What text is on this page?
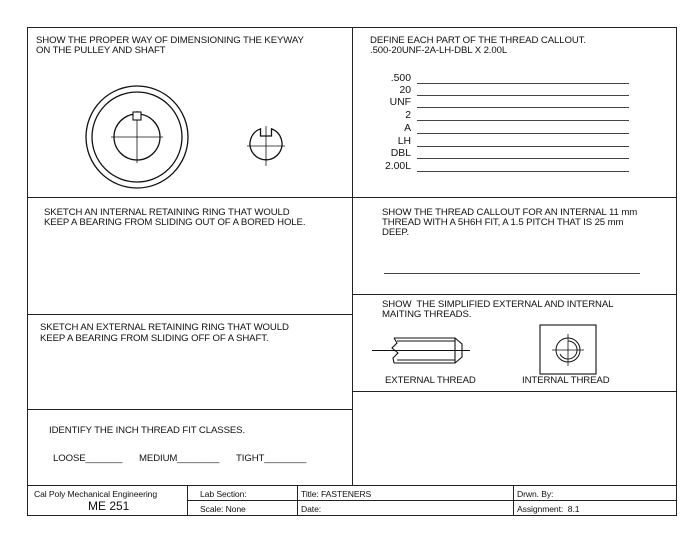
SHOW THE PROPER WAY OF DIMENSIONING THE KEYWAY
ON THE PULLEY AND SHAFT
DEFINE EACH PART OF THE THREAD CALLOUT.
.500-20UNF-2A-LH-DBL X 2.00L
.500
20
UNF
2
A
LH
DBL
2.00L
SKETCH AN INTERNAL RETAINING RING THAT WOULD
KEEP A BEARING FROM SLIDING OUT OF A BORED HOLE.
SHOW THE THREAD CALLOUT FOR AN INTERNAL 11 mm
THREAD WITH A 5H6H FIT, A 1.5 PITCH THAT IS 25 mm
DEEP.
SHOW  THE SIMPLIFIED EXTERNAL AND INTERNAL
MAITING THREADS.
EXTERNAL THREAD	INTERNAL THREAD
SKETCH AN EXTERNAL RETAINING RING THAT WOULD
KEEP A BEARING FROM SLIDING OFF OF A SHAFT.
IDENTIFY THE INCH THREAD FIT CLASSES.
LOOSE_______ MEDIUM________ TIGHT________
Cal Poly Mechanical Engineering
ME 251
Lab Section:
Scale: None
Title: FASTENERS
Date:
Drwn. By:
Assignment:  8.1
